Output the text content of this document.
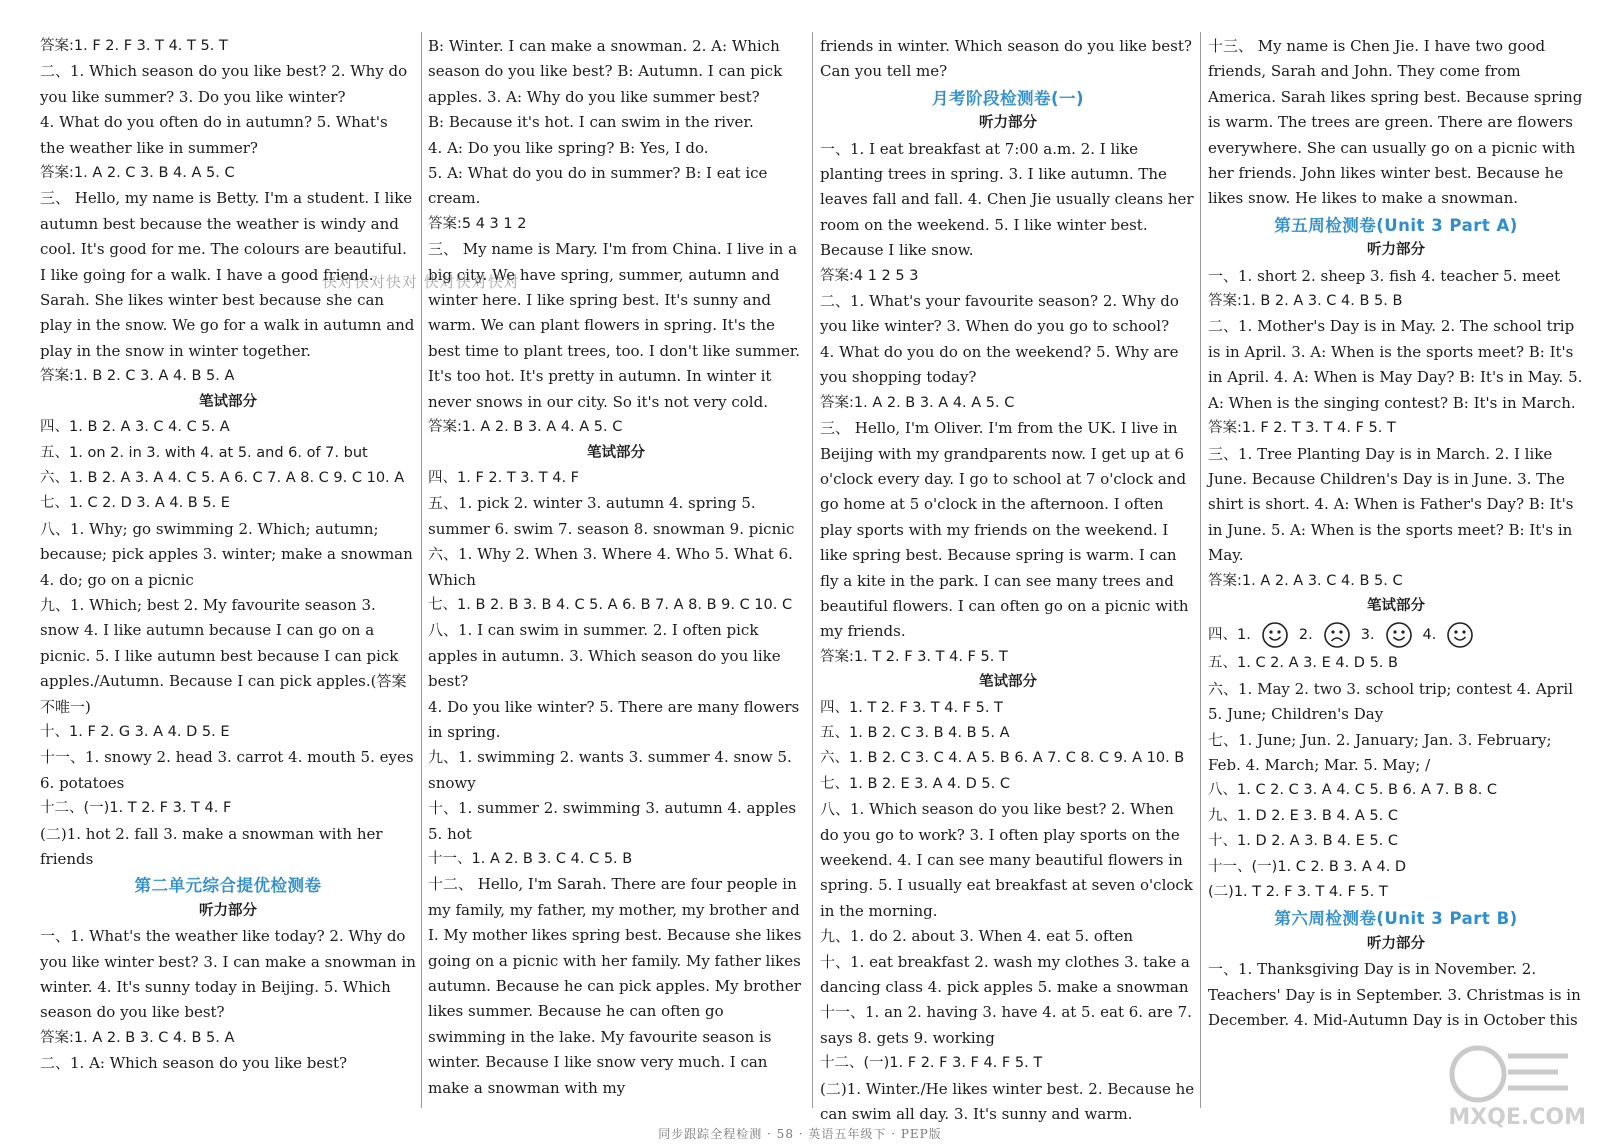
答案:1. F 2. F 3. T 4. T 5. T

二、1. Which season do you like best? 2. Why do you like summer? 3. Do you like winter?

4. What do you often do in autumn? 5. What's the weather like in summer?

答案:1. A 2. C 3. B 4. A 5. C

三、 Hello, my name is Betty. I'm a student. I like autumn best because the weather is windy and cool. It's good for me. The colours are beautiful. I like going for a walk. I have a good friend. Sarah. She likes winter best because she can play in the snow. We go for a walk in autumn and play in the snow in winter together.

答案:1. B 2. C 3. A 4. B 5. A

笔试部分

四、1. B 2. A 3. C 4. C 5. A

五、1. on 2. in 3. with 4. at 5. and 6. of 7. but

六、1. B 2. A 3. A 4. C 5. A 6. C 7. A 8. C 9. C 10. A

七、1. C 2. D 3. A 4. B 5. E

八、1. Why; go swimming 2. Which; autumn; because; pick apples 3. winter; make a snowman 4. do; go on a picnic

九、1. Which; best 2. My favourite season 3. snow 4. I like autumn because I can go on a picnic. 5. I like autumn best because I can pick apples./Autumn. Because I can pick apples.(答案不唯一)

十、1. F 2. G 3. A 4. D 5. E

十一、1. snowy 2. head 3. carrot 4. mouth 5. eyes 6. potatoes

十二、(一)1. T 2. F 3. T 4. F

(二)1. hot 2. fall 3. make a snowman with her friends

第二单元综合提优检测卷

听力部分

一、1. What's the weather like today? 2. Why do you like winter best? 3. I can make a snowman in winter. 4. It's sunny today in Beijing. 5. Which season do you like best?

答案:1. A 2. B 3. C 4. B 5. A

二、1. A: Which season do you like best?

B: Winter. I can make a snowman. 2. A: Which season do you like best? B: Autumn. I can pick apples. 3. A: Why do you like summer best?

B: Because it's hot. I can swim in the river.

4. A: Do you like spring? B: Yes, I do.

5. A: What do you do in summer? B: I eat ice cream.

答案:5 4 3 1 2

三、 My name is Mary. I'm from China. I live in a big city. We have spring, summer, autumn and winter here. I like spring best. It's sunny and warm. We can plant flowers in spring. It's the best time to plant trees, too. I don't like summer. It's too hot. It's pretty in autumn. In winter it never snows in our city. So it's not very cold.

答案:1. A 2. B 3. A 4. A 5. C

笔试部分

四、1. F 2. T 3. T 4. F

五、1. pick 2. winter 3. autumn 4. spring 5. summer 6. swim 7. season 8. snowman 9. picnic

六、1. Why 2. When 3. Where 4. Who 5. What 6. Which

七、1. B 2. B 3. B 4. C 5. A 6. B 7. A 8. B 9. C 10. C

八、1. I can swim in summer. 2. I often pick apples in autumn. 3. Which season do you like best?

4. Do you like winter? 5. There are many flowers in spring.

九、1. swimming 2. wants 3. summer 4. snow 5. snowy

十、1. summer 2. swimming 3. autumn 4. apples 5. hot

十一、1. A 2. B 3. C 4. C 5. B

十二、 Hello, I'm Sarah. There are four people in my family, my father, my mother, my brother and I. My mother likes spring best. Because she likes going on a picnic with her family. My father likes autumn. Because he can pick apples. My brother likes summer. Because he can often go swimming in the lake. My favourite season is winter. Because I like snow very much. I can make a snowman with my

friends in winter. Which season do you like best? Can you tell me?

月考阶段检测卷(一)

听力部分

一、1. I eat breakfast at 7:00 a.m. 2. I like planting trees in spring. 3. I like autumn. The leaves fall and fall. 4. Chen Jie usually cleans her room on the weekend. 5. I like winter best. Because I like snow.

答案:4 1 2 5 3

二、1. What's your favourite season? 2. Why do you like winter? 3. When do you go to school?

4. What do you do on the weekend? 5. Why are you shopping today?

答案:1. A 2. B 3. A 4. A 5. C

三、 Hello, I'm Oliver. I'm from the UK. I live in Beijing with my grandparents now. I get up at 6 o'clock every day. I go to school at 7 o'clock and go home at 5 o'clock in the afternoon. I often play sports with my friends on the weekend. I like spring best. Because spring is warm. I can fly a kite in the park. I can see many trees and beautiful flowers. I can often go on a picnic with my friends.

答案:1. T 2. F 3. T 4. F 5. T

笔试部分

四、1. T 2. F 3. T 4. F 5. T

五、1. B 2. C 3. B 4. B 5. A

六、1. B 2. C 3. C 4. A 5. B 6. A 7. C 8. C 9. A 10. B

七、1. B 2. E 3. A 4. D 5. C

八、1. Which season do you like best? 2. When do you go to work? 3. I often play sports on the weekend. 4. I can see many beautiful flowers in spring. 5. I usually eat breakfast at seven o'clock in the morning.

九、1. do 2. about 3. When 4. eat 5. often

十、1. eat breakfast 2. wash my clothes 3. take a dancing class 4. pick apples 5. make a snowman

十一、1. an 2. having 3. have 4. at 5. eat 6. are 7. says 8. gets 9. working

十二、(一)1. F 2. F 3. F 4. F 5. T

(二)1. Winter./He likes winter best. 2. Because he can swim all day. 3. It's sunny and warm.

十三、 My name is Chen Jie. I have two good friends, Sarah and John. They come from America. Sarah likes spring best. Because spring is warm. The trees are green. There are flowers everywhere. She can usually go on a picnic with her friends. John likes winter best. Because he likes snow. He likes to make a snowman.

第五周检测卷(Unit 3 Part A)

听力部分

一、1. short 2. sheep 3. fish 4. teacher 5. meet

答案:1. B 2. A 3. C 4. B 5. B

二、1. Mother's Day is in May. 2. The school trip is in April. 3. A: When is the sports meet? B: It's in April. 4. A: When is May Day? B: It's in May. 5. A: When is the singing contest? B: It's in March.

答案:1. F 2. T 3. T 4. F 5. T

三、1. Tree Planting Day is in March. 2. I like June. Because Children's Day is in June. 3. The shirt is short. 4. A: When is Father's Day? B: It's in June. 5. A: When is the sports meet? B: It's in May.

答案:1. A 2. A 3. C 4. B 5. C

笔试部分

四、1.	2.	3.	4.

五、1. C 2. A 3. E 4. D 5. B

六、1. May 2. two 3. school trip; contest 4. April 5. June; Children's Day

七、1. June; Jun. 2. January; Jan. 3. February; Feb. 4. March; Mar. 5. May; /

八、1. C 2. C 3. A 4. C 5. B 6. A 7. B 8. C

九、1. D 2. E 3. B 4. A 5. C

十、1. D 2. A 3. B 4. E 5. C

十一、(一)1. C 2. B 3. A 4. D

(二)1. T 2. F 3. T 4. F 5. T

第六周检测卷(Unit 3 Part B)

听力部分

一、1. Thanksgiving Day is in November. 2. Teachers' Day is in September. 3. Christmas is in December. 4. Mid-Autumn Day is in October this

快对快对快对 快对快对快对
MXQE.COM
同步跟踪全程检测 · 58 · 英语五年级下 · PEP版
